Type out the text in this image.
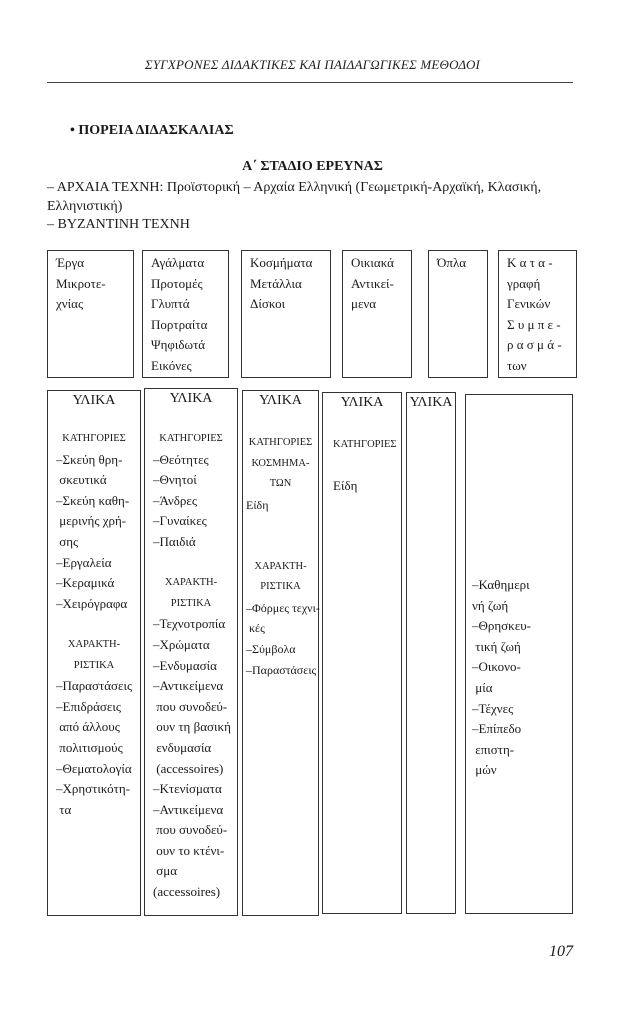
ΣΥΓΧΡΟΝΕΣ ΔΙΔΑΚΤΙΚΕΣ ΚΑΙ ΠΑΙΔΑΓΩΓΙΚΕΣ ΜΕΘΟΔΟΙ
• ΠΟΡΕΙΑ ΔΙΔΑΣΚΑΛΙΑΣ
Α΄ ΣΤΑΔΙΟ ΕΡΕΥΝΑΣ
– ΑΡΧΑΙΑ ΤΕΧΝΗ: Προϊστορική – Αρχαία Ελληνική (Γεωμετρική-Αρχαϊκή, Κλασική,
Ελληνιστική)
– ΒΥΖΑΝΤΙΝΗ ΤΕΧΝΗ
Έργα
Μικροτε-
χνίας
Αγάλματα
Προτομές
Γλυπτά
Πορτραίτα
Ψηφιδωτά
Εικόνες
Κοσμήματα
Μετάλλια
Δίσκοι
Οικιακά
Αντικεί-
μενα
Όπλα	Κ α τ α -
γραφή
Γενικών
Σ υ μ π ε -
ρ α σ μ ά -
των
ΥΛΙΚΑ
ΚΑΤΗΓΟΡΙΕΣ
–Σκεύη θρη-
σκευτικά
–Σκεύη καθη-
μερινής χρή-
σης
–Εργαλεία
–Κεραμικά
–Χειρόγραφα
ΧΑΡΑΚΤΗ-
ΡΙΣΤΙΚΑ
–Παραστάσεις
–Επιδράσεις
από άλλους
πολιτισμούς
–Θεματολογία
–Χρηστικότη-
τα
ΥΛΙΚΑ
ΚΑΤΗΓΟΡΙΕΣ
–Θεότητες
–Θνητοί
–Άνδρες
–Γυναίκες
–Παιδιά
ΧΑΡΑΚΤΗ-
ΡΙΣΤΙΚΑ
–Τεχνοτροπία
–Χρώματα
–Ενδυμασία
–Αντικείμενα
που συνοδεύ-
ουν τη βασική
ενδυμασία
(accessoires)
–Κτενίσματα
–Αντικείμενα
που συνοδεύ-
ουν το κτένι-
σμα
(accessoires)
ΥΛΙΚΑ
ΚΑΤΗΓΟΡΙΕΣ
ΚΟΣΜΗΜΑ-
ΤΩΝ
Είδη
ΧΑΡΑΚΤΗ-
ΡΙΣΤΙΚΑ
–Φόρμες τεχνι-
κές
–Σύμβολα
–Παραστάσεις
ΥΛΙΚΑ
ΚΑΤΗΓΟΡΙΕΣ
Είδη
ΥΛΙΚΑ
–Καθημερι
νή ζωή
–Θρησκευ-
τική ζωή
–Οικονο-
μία
–Τέχνες
–Επίπεδο
επιστη-
μών
107
